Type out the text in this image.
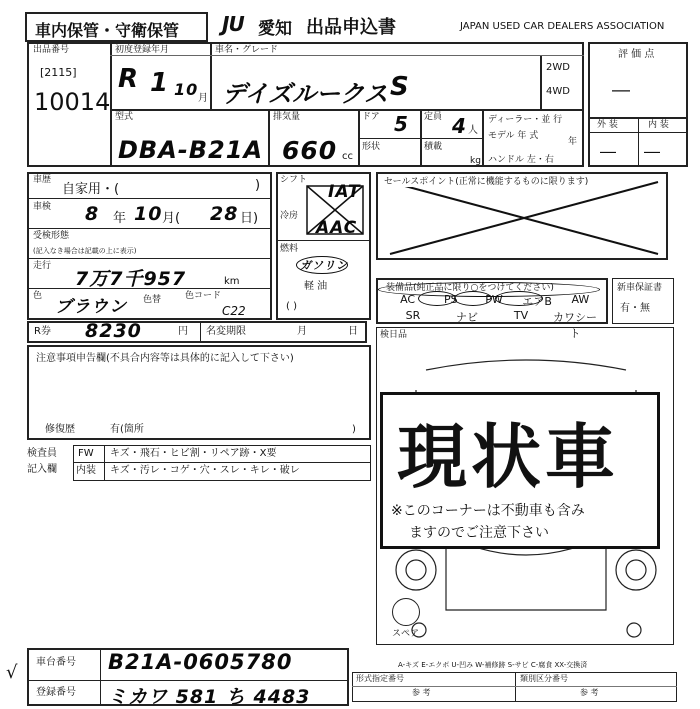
車内保管・守衛保管 JU 愛知 出品申込書	JAPAN USED CAR DEALERS ASSOCIATION
出品番号
[2115]
10014
初度登録年月
R 1 10 月
車名・グレード
デイズルークス S
2WD
4WD
評 価 点
―
外 装	内 装
― ―
型式
DBA-B21A
排気量
660 cc
ドア 5 定員 4 人
形状	積載
kg
ディーラー・並 行
モデル 年 式
年
ハンドル 左・右
車歴
自家用・(	)
車検 8 年 10 月( 28 日)
受検形態
(記入なき場合は記載の上に表示)
走行
7万7千957	km
色
ブラウン 色替	色コード
C22
R券 8230	円 名変期限	月	日
シフト
冷房
IAT
AAC
燃料
ガソリン
軽 油
( )
セールスポイント(正常に機能するものに限ります)
装備品(純正品に限り○をつけてください)
AC	PS	PW	エアB	AW
SR	ナビ	TV	カワシート
新車保証書
有・無
注意事項申告欄(不具合内容等は具体的に記入して下さい)
修復歴	有(箇所	)
検査員
記入欄
FW キズ・飛石・ヒビ割・リペア跡・X要
内装 キズ・汚レ・コゲ・穴・スレ・キレ・破レ
検日品
スペア
現状車
※このコーナーは不動車も含み
ますのでご注意下さい
A-キズ E-エクボ U-凹み W-補修跡 S-サビ C-腐食 XX-交換済
車台番号 B21A-0605780
登録番号 ミカワ 581 ち 4483
形式指定番号	類別区分番号
参 考	参 考
√
